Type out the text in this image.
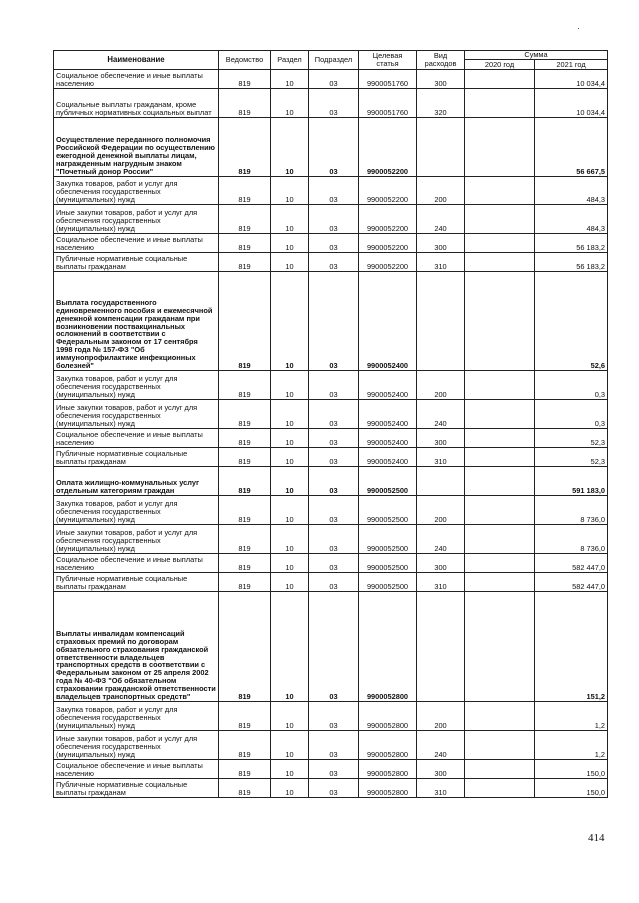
Наименование	Ведомство	Раздел	Подраздел	Целевая статья	Вид расходов	Сумма	
						2020 год	2021 год
Социальное обеспечение и иные выплаты населению	819	10	03	9900051760	300		10 034,4
Социальные выплаты гражданам, кроме публичных нормативных социальных выплат	819	10	03	9900051760	320		10 034,4
Осуществление переданного полномочия Российской Федерации по осуществлению ежегодной денежной выплаты лицам, награжденным нагрудным знаком "Почетный донор России"	819	10	03	9900052200			56 667,5
Закупка товаров, работ и услуг для обеспечения государственных (муниципальных) нужд	819	10	03	9900052200	200		484,3
Иные закупки товаров, работ и услуг для обеспечения государственных (муниципальных) нужд	819	10	03	9900052200	240		484,3
Социальное обеспечение и иные выплаты населению	819	10	03	9900052200	300		56 183,2
Публичные нормативные социальные выплаты гражданам	819	10	03	9900052200	310		56 183,2
Выплата государственного единовременного пособия и ежемесячной денежной компенсации гражданам при возникновении поствакцинальных осложнений в соответствии с Федеральным законом от 17 сентября 1998 года № 157-ФЗ "Об иммунопрофилактике инфекционных болезней"	819	10	03	9900052400			52,6
Закупка товаров, работ и услуг для обеспечения государственных (муниципальных) нужд	819	10	03	9900052400	200		0,3
Иные закупки товаров, работ и услуг для обеспечения государственных (муниципальных) нужд	819	10	03	9900052400	240		0,3
Социальное обеспечение и иные выплаты населению	819	10	03	9900052400	300		52,3
Публичные нормативные социальные выплаты гражданам	819	10	03	9900052400	310		52,3
Оплата жилищно-коммунальных услуг отдельным категориям граждан	819	10	03	9900052500			591 183,0
Закупка товаров, работ и услуг для обеспечения государственных (муниципальных) нужд	819	10	03	9900052500	200		8 736,0
Иные закупки товаров, работ и услуг для обеспечения государственных (муниципальных) нужд	819	10	03	9900052500	240		8 736,0
Социальное обеспечение и иные выплаты населению	819	10	03	9900052500	300		582 447,0
Публичные нормативные социальные выплаты гражданам	819	10	03	9900052500	310		582 447,0
Выплаты инвалидам компенсаций страховых премий по договорам обязательного страхования гражданской ответственности владельцев транспортных средств в соответствии с Федеральным законом от 25 апреля 2002 года № 40-ФЗ "Об обязательном страховании гражданской ответственности владельцев транспортных средств"	819	10	03	9900052800			151,2
Закупка товаров, работ и услуг для обеспечения государственных (муниципальных) нужд	819	10	03	9900052800	200		1,2
Иные закупки товаров, работ и услуг для обеспечения государственных (муниципальных) нужд	819	10	03	9900052800	240		1,2
Социальное обеспечение и иные выплаты населению	819	10	03	9900052800	300		150,0
Публичные нормативные социальные выплаты гражданам	819	10	03	9900052800	310		150,0
414
